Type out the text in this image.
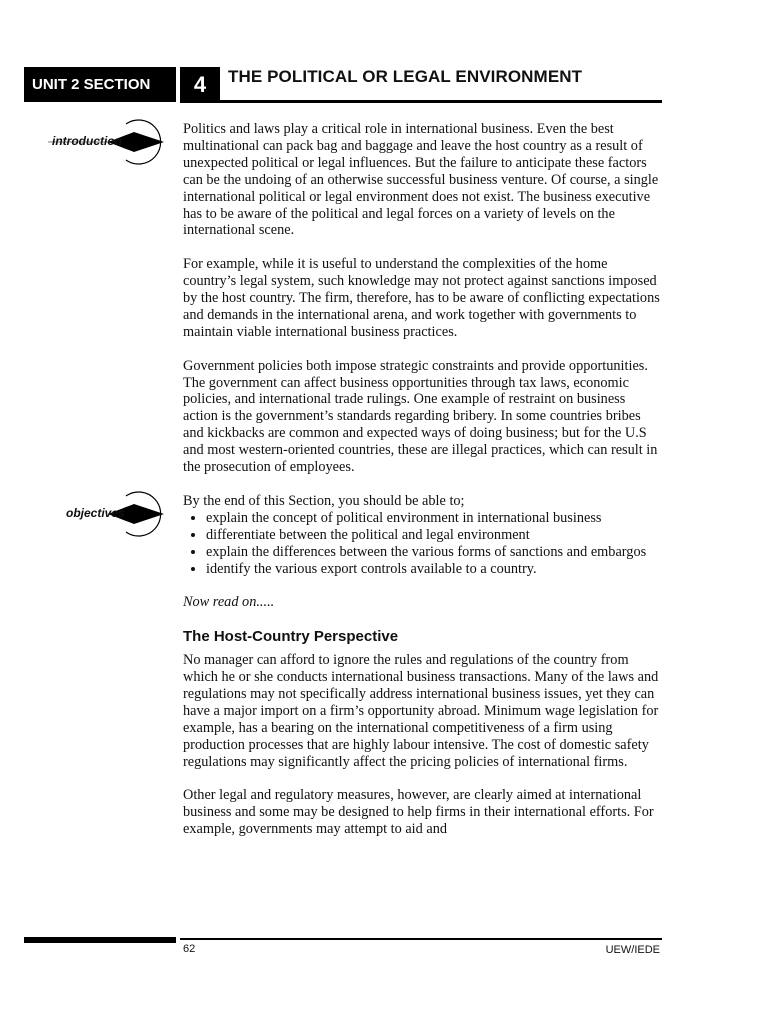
UNIT 2 SECTION	4	THE POLITICAL OR LEGAL ENVIRONMENT
introduction
objectives

Politics and laws play a critical role in international business. Even the best multinational can pack bag and baggage and leave the host country as a result of unexpected political or legal influences. But the failure to anticipate these factors can be the undoing of an otherwise successful business venture. Of course, a single international political or legal environment does not exist. The business executive has to be aware of the political and legal forces on a variety of levels on the international scene.

For example, while it is useful to understand the complexities of the home country’s legal system, such knowledge may not protect against sanctions imposed by the host country. The firm, therefore, has to be aware of conflicting expectations and demands in the international arena, and work together with governments to maintain viable international business practices.

Government policies both impose strategic constraints and provide opportunities. The government can affect business opportunities through tax laws, economic policies, and international trade rulings. One example of restraint on business action is the government’s standards regarding bribery. In some countries bribes and kickbacks are common and expected ways of doing business; but for the U.S and most western-oriented countries, these are illegal practices, which can result in the prosecution of employees.

By the end of this Section, you should be able to;

• explain the concept of political environment in international business
• differentiate between the political and legal environment
• explain the differences between the various forms of sanctions and embargos
• identify the various export controls available to a country.

Now read on.....

The Host-Country Perspective

No manager can afford to ignore the rules and regulations of the country from which he or she conducts international business transactions. Many of the laws and regulations may not specifically address international business issues, yet they can have a major import on a firm’s opportunity abroad. Minimum wage legislation for example, has a bearing on the international competitiveness of a firm using production processes that are highly labour intensive. The cost of domestic safety regulations may significantly affect the pricing policies of international firms.

Other legal and regulatory measures, however, are clearly aimed at international business and some may be designed to help firms in their international efforts. For example, governments may attempt to aid and

62	UEW/IEDE
